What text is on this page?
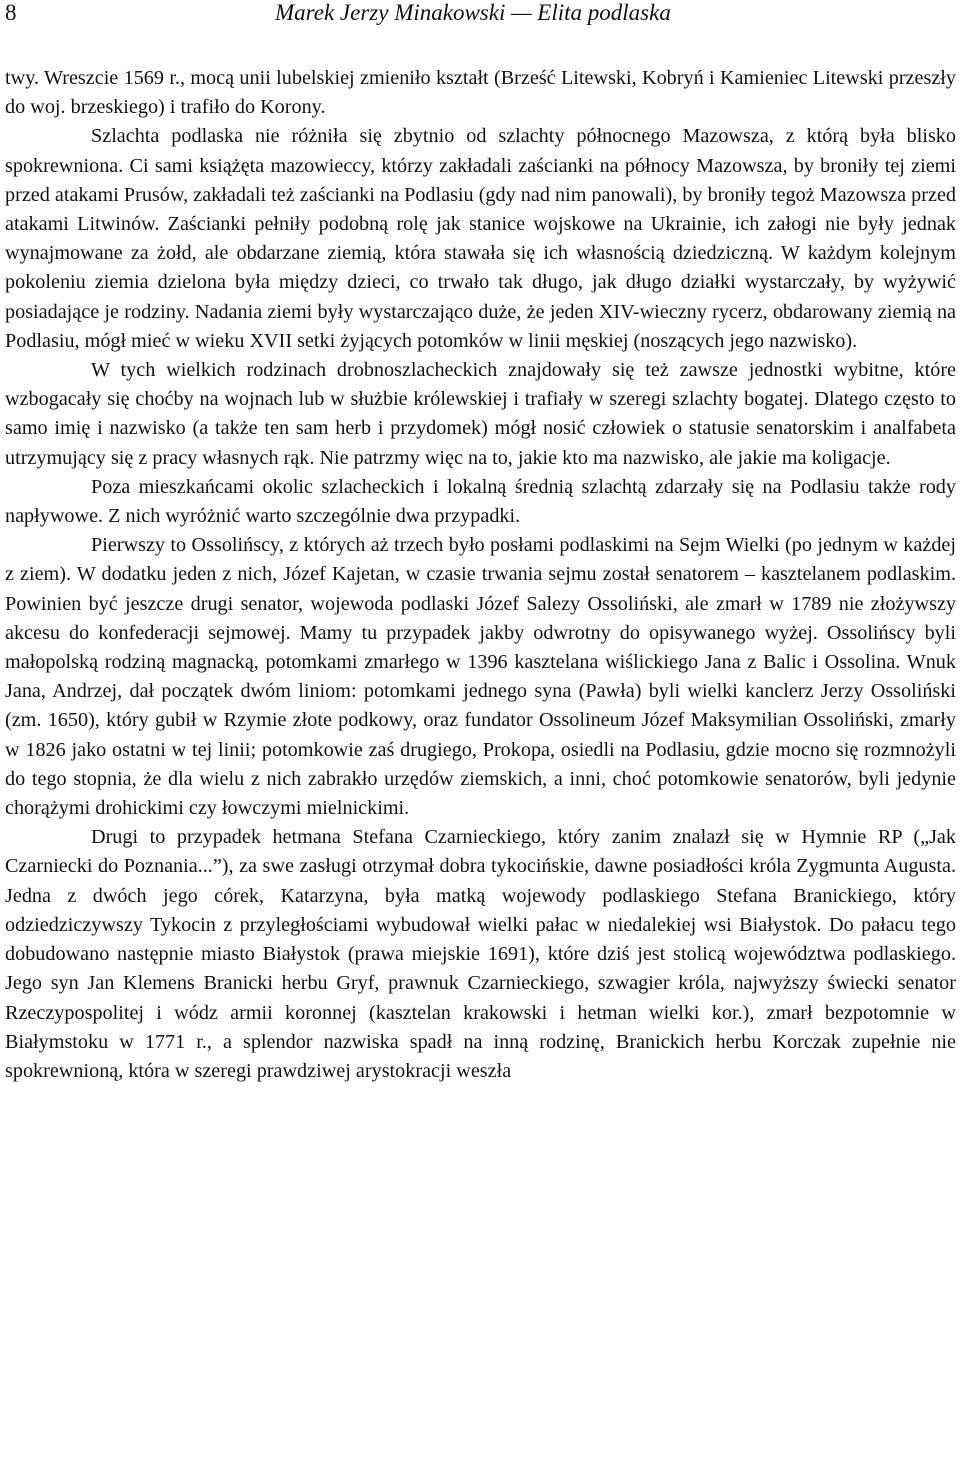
8	Marek Jerzy Minakowski — Elita podlaska

twy. Wreszcie 1569 r., mocą unii lubelskiej zmieniło kształt (Brześć Litewski, Kobryń i Kamieniec Litewski przeszły do woj. brzeskiego) i trafiło do Korony.

Szlachta podlaska nie różniła się zbytnio od szlachty północnego Mazowsza, z którą była blisko spokrewniona. Ci sami książęta mazowieccy, którzy zakładali zaścianki na północy Mazowsza, by broniły tej ziemi przed atakami Prusów, zakładali też zaścianki na Podlasiu (gdy nad nim panowali), by broniły tegoż Mazowsza przed atakami Litwinów. Zaścianki pełniły podobną rolę jak stanice wojskowe na Ukrainie, ich załogi nie były jednak wynajmowane za żołd, ale obdarzane ziemią, która stawała się ich własnością dziedziczną. W każdym kolejnym pokoleniu ziemia dzielona była między dzieci, co trwało tak długo, jak długo działki wystarczały, by wyżywić posiadające je rodziny. Nadania ziemi były wystarczająco duże, że jeden XIV-wieczny rycerz, obdarowany ziemią na Podlasiu, mógł mieć w wieku XVII setki żyjących potomków w linii męskiej (noszących jego nazwisko).

W tych wielkich rodzinach drobnoszlacheckich znajdowały się też zawsze jednostki wybitne, które wzbogacały się choćby na wojnach lub w służbie królewskiej i trafiały w szeregi szlachty bogatej. Dlatego często to samo imię i nazwisko (a także ten sam herb i przydomek) mógł nosić człowiek o statusie senatorskim i analfabeta utrzymujący się z pracy własnych rąk. Nie patrzmy więc na to, jakie kto ma nazwisko, ale jakie ma koligacje.

Poza mieszkańcami okolic szlacheckich i lokalną średnią szlachtą zdarzały się na Podlasiu także rody napływowe. Z nich wyróżnić warto szczególnie dwa przypadki.

Pierwszy to Ossolińscy, z których aż trzech było posłami podlaskimi na Sejm Wielki (po jednym w każdej z ziem). W dodatku jeden z nich, Józef Kajetan, w czasie trwania sejmu został senatorem – kasztelanem podlaskim. Powinien być jeszcze drugi senator, wojewoda podlaski Józef Salezy Ossoliński, ale zmarł w 1789 nie złożywszy akcesu do konfederacji sejmowej. Mamy tu przypadek jakby odwrotny do opisywanego wyżej. Ossolińscy byli małopolską rodziną magnacką, potomkami zmarłego w 1396 kasztelana wiślickiego Jana z Balic i Ossolina. Wnuk Jana, Andrzej, dał początek dwóm liniom: potomkami jednego syna (Pawła) byli wielki kanclerz Jerzy Ossoliński (zm. 1650), który gubił w Rzymie złote podkowy, oraz fundator Ossolineum Józef Maksymilian Ossoliński, zmarły w 1826 jako ostatni w tej linii; potomkowie zaś drugiego, Prokopa, osiedli na Podlasiu, gdzie mocno się rozmnożyli do tego stopnia, że dla wielu z nich zabrakło urzędów ziemskich, a inni, choć potomkowie senatorów, byli jedynie chorążymi drohickimi czy łowczymi mielnickimi.

Drugi to przypadek hetmana Stefana Czarnieckiego, który zanim znalazł się w Hymnie RP („Jak Czarniecki do Poznania...”), za swe zasługi otrzymał dobra tykocińskie, dawne posiadłości króla Zygmunta Augusta. Jedna z dwóch jego córek, Katarzyna, była matką wojewody podlaskiego Stefana Branickiego, który odziedziczywszy Tykocin z przyległościami wybudował wielki pałac w niedalekiej wsi Białystok. Do pałacu tego dobudowano następnie miasto Białystok (prawa miejskie 1691), które dziś jest stolicą województwa podlaskiego. Jego syn Jan Klemens Branicki herbu Gryf, prawnuk Czarnieckiego, szwagier króla, najwyższy świecki senator Rzeczypospolitej i wódz armii koronnej (kasztelan krakowski i hetman wielki kor.), zmarł bezpotomnie w Białymstoku w 1771 r., a splendor nazwiska spadł na inną rodzinę, Branickich herbu Korczak zupełnie nie spokrewnioną, która w szeregi prawdziwej arystokracji weszła
